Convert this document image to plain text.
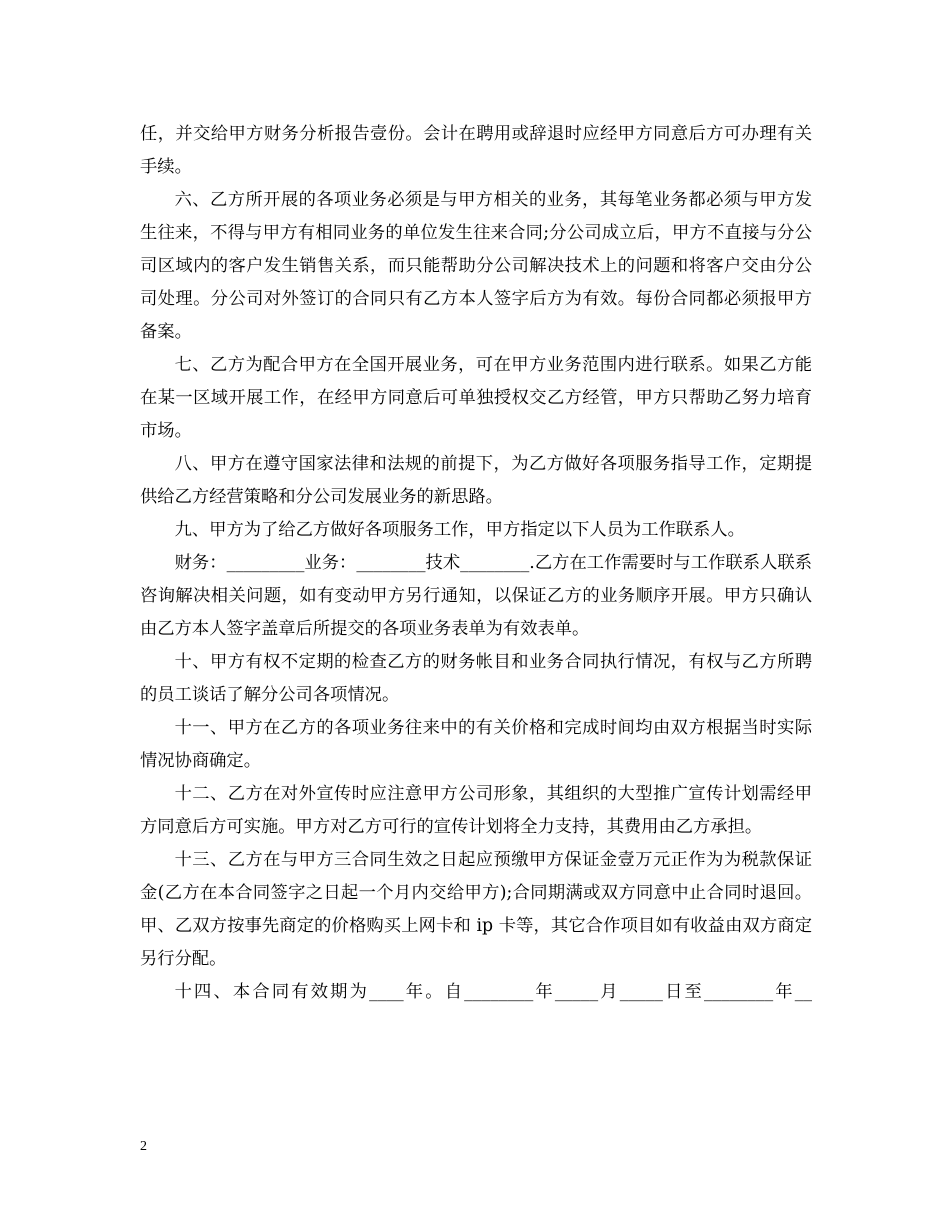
任，并交给甲方财务分析报告壹份。会计在聘用或辞退时应经甲方同意后方可办理有关手续。

六、乙方所开展的各项业务必须是与甲方相关的业务，其每笔业务都必须与甲方发生往来，不得与甲方有相同业务的单位发生往来合同;分公司成立后，甲方不直接与分公司区域内的客户发生销售关系，而只能帮助分公司解决技术上的问题和将客户交由分公司处理。分公司对外签订的合同只有乙方本人签字后方为有效。每份合同都必须报甲方备案。

七、乙方为配合甲方在全国开展业务，可在甲方业务范围内进行联系。如果乙方能在某一区域开展工作，在经甲方同意后可单独授权交乙方经管，甲方只帮助乙努力培育市场。

八、甲方在遵守国家法律和法规的前提下，为乙方做好各项服务指导工作，定期提供给乙方经营策略和分公司发展业务的新思路。

九、甲方为了给乙方做好各项服务工作，甲方指定以下人员为工作联系人。

财务：_________业务：________技术________.乙方在工作需要时与工作联系人联系咨询解决相关问题，如有变动甲方另行通知，以保证乙方的业务顺序开展。甲方只确认由乙方本人签字盖章后所提交的各项业务表单为有效表单。

十、甲方有权不定期的检查乙方的财务帐目和业务合同执行情况，有权与乙方所聘的员工谈话了解分公司各项情况。

十一、甲方在乙方的各项业务往来中的有关价格和完成时间均由双方根据当时实际情况协商确定。

十二、乙方在对外宣传时应注意甲方公司形象，其组织的大型推广宣传计划需经甲方同意后方可实施。甲方对乙方可行的宣传计划将全力支持，其费用由乙方承担。

十三、乙方在与甲方三合同生效之日起应预缴甲方保证金壹万元正作为为税款保证金(乙方在本合同签字之日起一个月内交给甲方);合同期满或双方同意中止合同时退回。甲、乙双方按事先商定的价格购买上网卡和 ip 卡等，其它合作项目如有收益由双方商定另行分配。

十四、本合同有效期为____年。自________年_____月_____日至________年__

2
